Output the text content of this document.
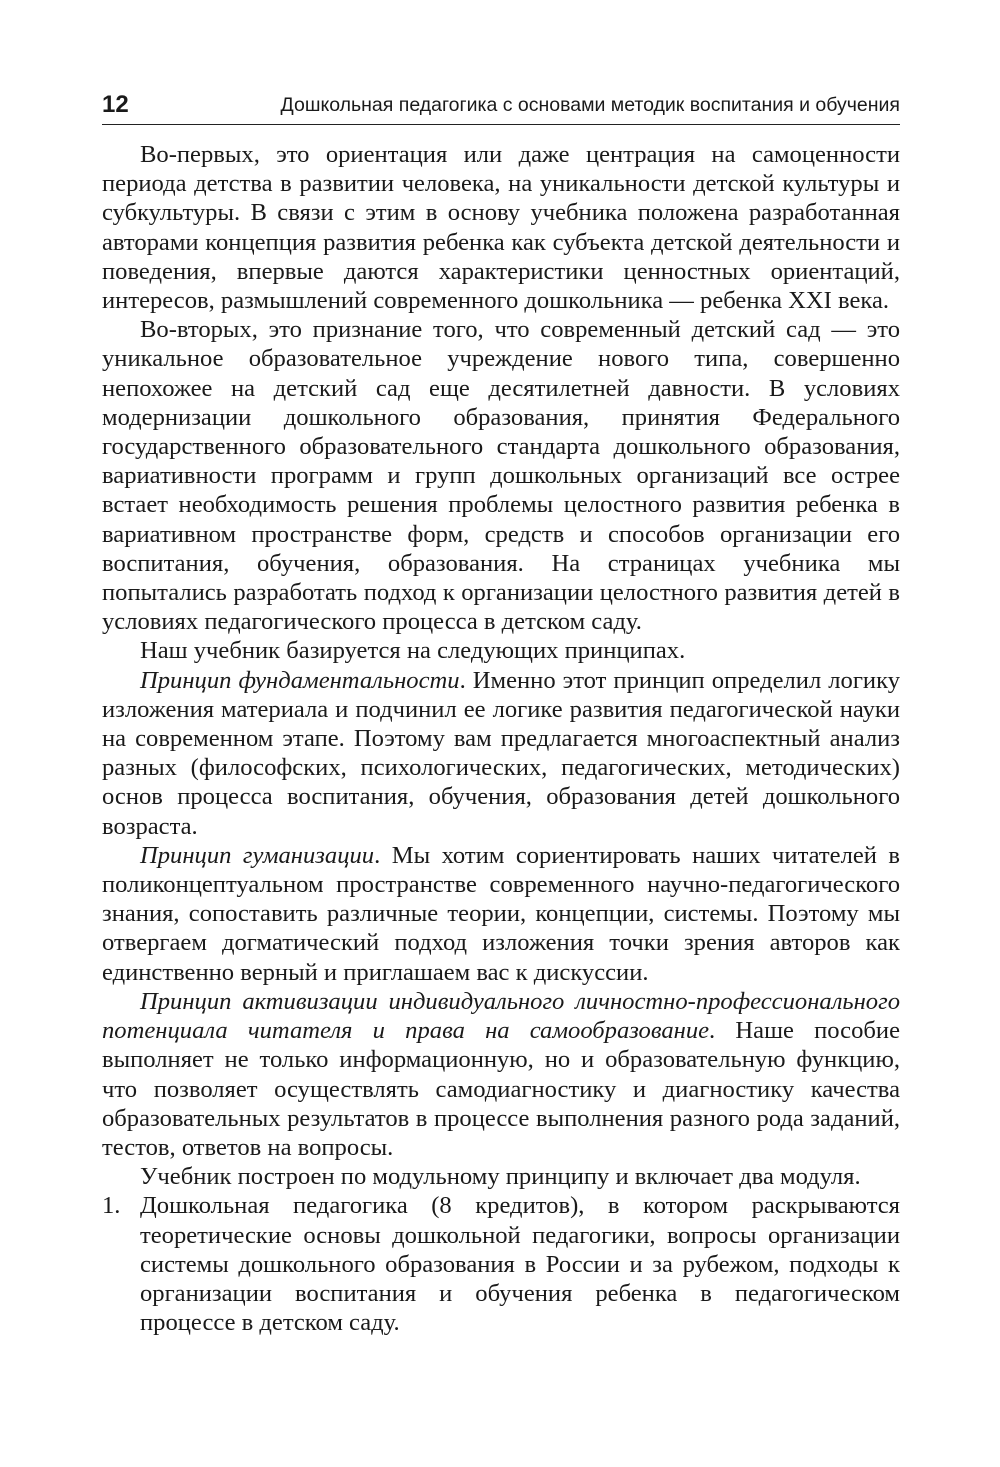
12	Дошкольная педагогика с основами методик воспитания и обучения

Во-первых, это ориентация или даже центрация на самоценности периода детства в развитии человека, на уникальности детской культуры и субкультуры. В связи с этим в основу учебника положена разработанная авторами концепция развития ребенка как субъекта детской деятельности и поведения, впервые даются характеристики ценностных ориентаций, интересов, размышлений современного дошкольника — ребенка XXI века.

Во-вторых, это признание того, что современный детский сад — это уникальное образовательное учреждение нового типа, совершенно непохожее на детский сад еще десятилетней давности. В условиях модернизации дошкольного образования, принятия Федерального государственного образовательного стандарта дошкольного образования, вариативности программ и групп дошкольных организаций все острее встает необходимость решения проблемы целостного развития ребенка в вариативном пространстве форм, средств и способов организации его воспитания, обучения, образования. На страницах учебника мы попытались разработать подход к организации целостного развития детей в условиях педагогического процесса в детском саду.

Наш учебник базируется на следующих принципах.

Принцип фундаментальности. Именно этот принцип определил логику изложения материала и подчинил ее логике развития педагогической науки на современном этапе. Поэтому вам предлагается многоаспектный анализ разных (философских, психологических, педагогических, методических) основ процесса воспитания, обучения, образования детей дошкольного возраста.

Принцип гуманизации. Мы хотим сориентировать наших читателей в поликонцептуальном пространстве современного научно-педагогического знания, сопоставить различные теории, концепции, системы. Поэтому мы отвергаем догматический подход изложения точки зрения авторов как единственно верный и приглашаем вас к дискуссии.

Принцип активизации индивидуального личностно-профессионального потенциала читателя и права на самообразование. Наше пособие выполняет не только информационную, но и образовательную функцию, что позволяет осуществлять самодиагностику и диагностику качества образовательных результатов в процессе выполнения разного рода заданий, тестов, ответов на вопросы.

Учебник построен по модульному принципу и включает два модуля.

1. Дошкольная педагогика (8 кредитов), в котором раскрываются теоретические основы дошкольной педагогики, вопросы организации системы дошкольного образования в России и за рубежом, подходы к организации воспитания и обучения ребенка в педагогическом процессе в детском саду.
